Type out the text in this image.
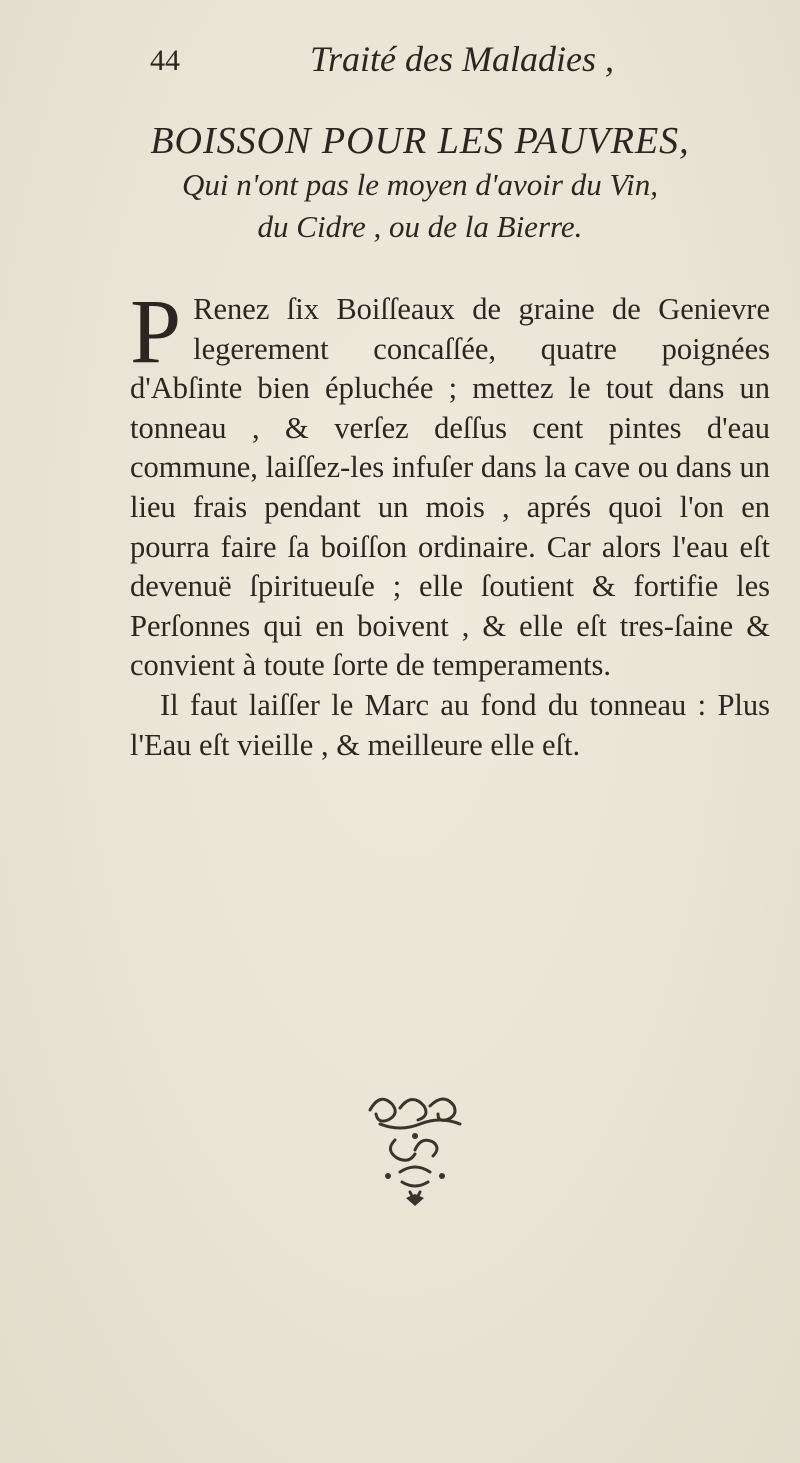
44	Traité des Maladies ,
BOISSON POUR LES PAUVRES,
Qui n'ont pas le moyen d'avoir du Vin,
du Cidre , ou de la Bierre.

P Renez ſix Boiſſeaux de graine de Genievre legerement concaſſée, quatre poignées d'Abſinte bien épluchée ; mettez le tout dans un tonneau , & verſez deſſus cent pintes d'eau commune, laiſſez-les infuſer dans la cave ou dans un lieu frais pendant un mois , aprés quoi l'on en pourra faire ſa boiſſon ordinaire. Car alors l'eau eſt devenuë ſpiritueuſe ; elle ſoutient & fortifie les Perſonnes qui en boivent , & elle eſt tres-ſaine & convient à toute ſorte de temperaments.

Il faut laiſſer le Marc au fond du tonneau : Plus l'Eau eſt vieille , & meilleure elle eſt.
